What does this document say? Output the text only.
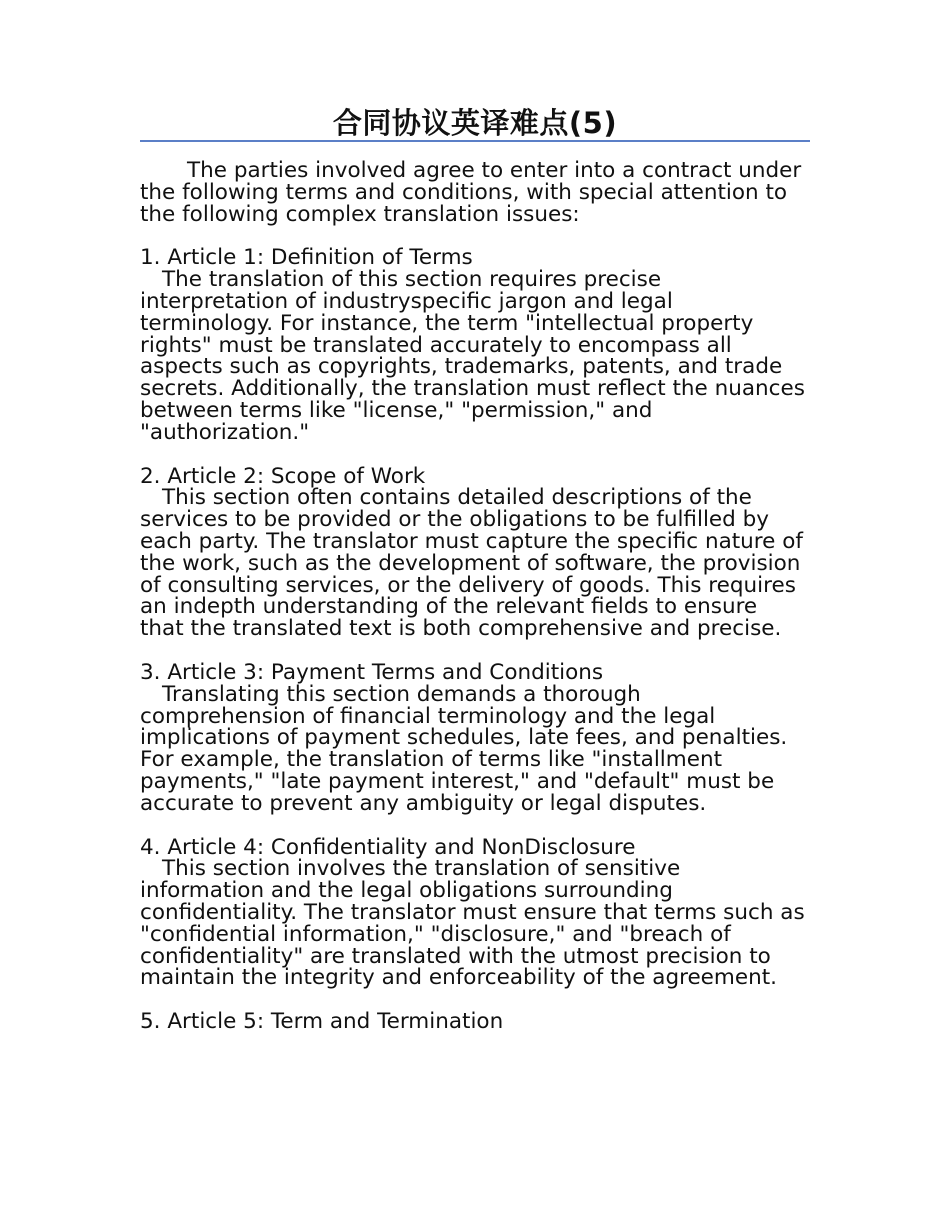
合同协议英译难点(5)

The parties involved agree to enter into a contract under the following terms and conditions, with special attention to the following complex translation issues:

1. Article 1: Definition of Terms

The translation of this section requires precise interpretation of industryspecific jargon and legal terminology. For instance, the term "intellectual property rights" must be translated accurately to encompass all aspects such as copyrights, trademarks, patents, and trade secrets. Additionally, the translation must reflect the nuances between terms like "license," "permission," and "authorization."

2. Article 2: Scope of Work

This section often contains detailed descriptions of the services to be provided or the obligations to be fulfilled by each party. The translator must capture the specific nature of the work, such as the development of software, the provision of consulting services, or the delivery of goods. This requires an indepth understanding of the relevant fields to ensure that the translated text is both comprehensive and precise.

3. Article 3: Payment Terms and Conditions

Translating this section demands a thorough comprehension of financial terminology and the legal implications of payment schedules, late fees, and penalties. For example, the translation of terms like "installment payments," "late payment interest," and "default" must be accurate to prevent any ambiguity or legal disputes.

4. Article 4: Confidentiality and NonDisclosure

This section involves the translation of sensitive information and the legal obligations surrounding confidentiality. The translator must ensure that terms such as "confidential information," "disclosure," and "breach of confidentiality" are translated with the utmost precision to maintain the integrity and enforceability of the agreement.

5. Article 5: Term and Termination
